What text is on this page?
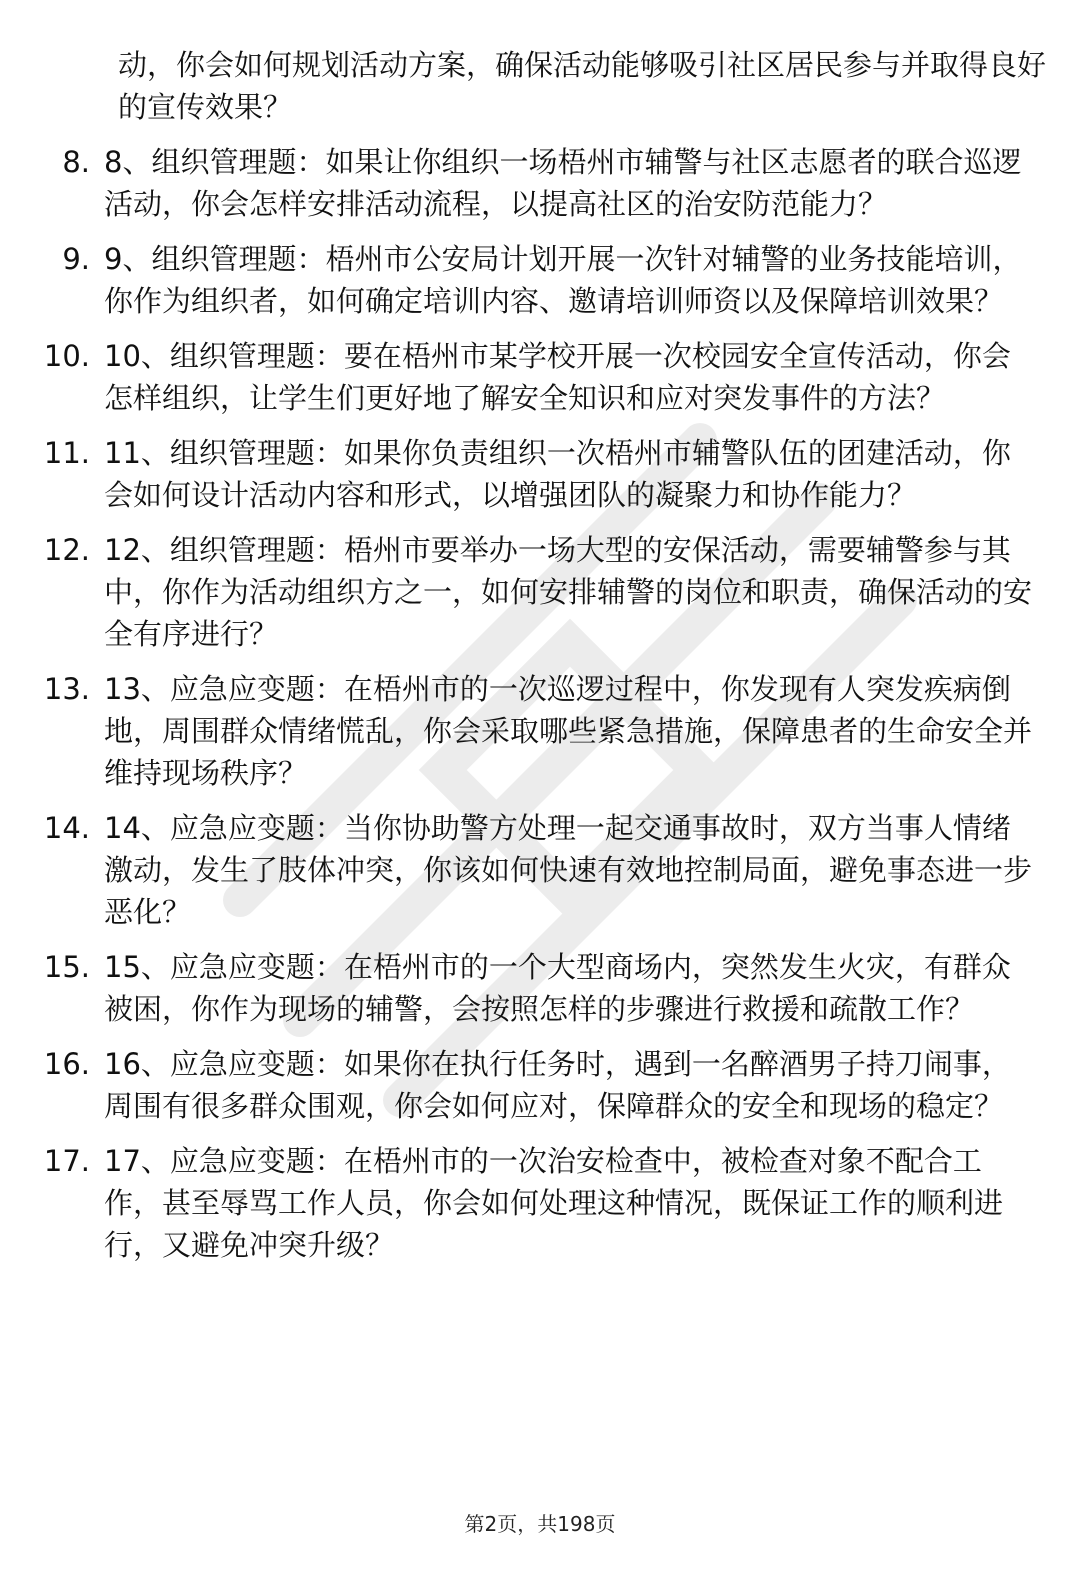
动，你会如何规划活动方案，确保活动能够吸引社区居民参与并取得良好的宣传效果？

8. 8、组织管理题：如果让你组织一场梧州市辅警与社区志愿者的联合巡逻活动，你会怎样安排活动流程，以提高社区的治安防范能力？
9. 9、组织管理题：梧州市公安局计划开展一次针对辅警的业务技能培训，你作为组织者，如何确定培训内容、邀请培训师资以及保障培训效果？
10. 10、组织管理题：要在梧州市某学校开展一次校园安全宣传活动，你会怎样组织，让学生们更好地了解安全知识和应对突发事件的方法？
11. 11、组织管理题：如果你负责组织一次梧州市辅警队伍的团建活动，你会如何设计活动内容和形式，以增强团队的凝聚力和协作能力？
12. 12、组织管理题：梧州市要举办一场大型的安保活动，需要辅警参与其中，你作为活动组织方之一，如何安排辅警的岗位和职责，确保活动的安全有序进行？
13. 13、应急应变题：在梧州市的一次巡逻过程中，你发现有人突发疾病倒地，周围群众情绪慌乱，你会采取哪些紧急措施，保障患者的生命安全并维持现场秩序？
14. 14、应急应变题：当你协助警方处理一起交通事故时，双方当事人情绪激动，发生了肢体冲突，你该如何快速有效地控制局面，避免事态进一步恶化？
15. 15、应急应变题：在梧州市的一个大型商场内，突然发生火灾，有群众被困，你作为现场的辅警，会按照怎样的步骤进行救援和疏散工作？
16. 16、应急应变题：如果你在执行任务时，遇到一名醉酒男子持刀闹事，周围有很多群众围观，你会如何应对，保障群众的安全和现场的稳定？
17. 17、应急应变题：在梧州市的一次治安检查中，被检查对象不配合工作，甚至辱骂工作人员，你会如何处理这种情况，既保证工作的顺利进行，又避免冲突升级？
第2页，共198页
